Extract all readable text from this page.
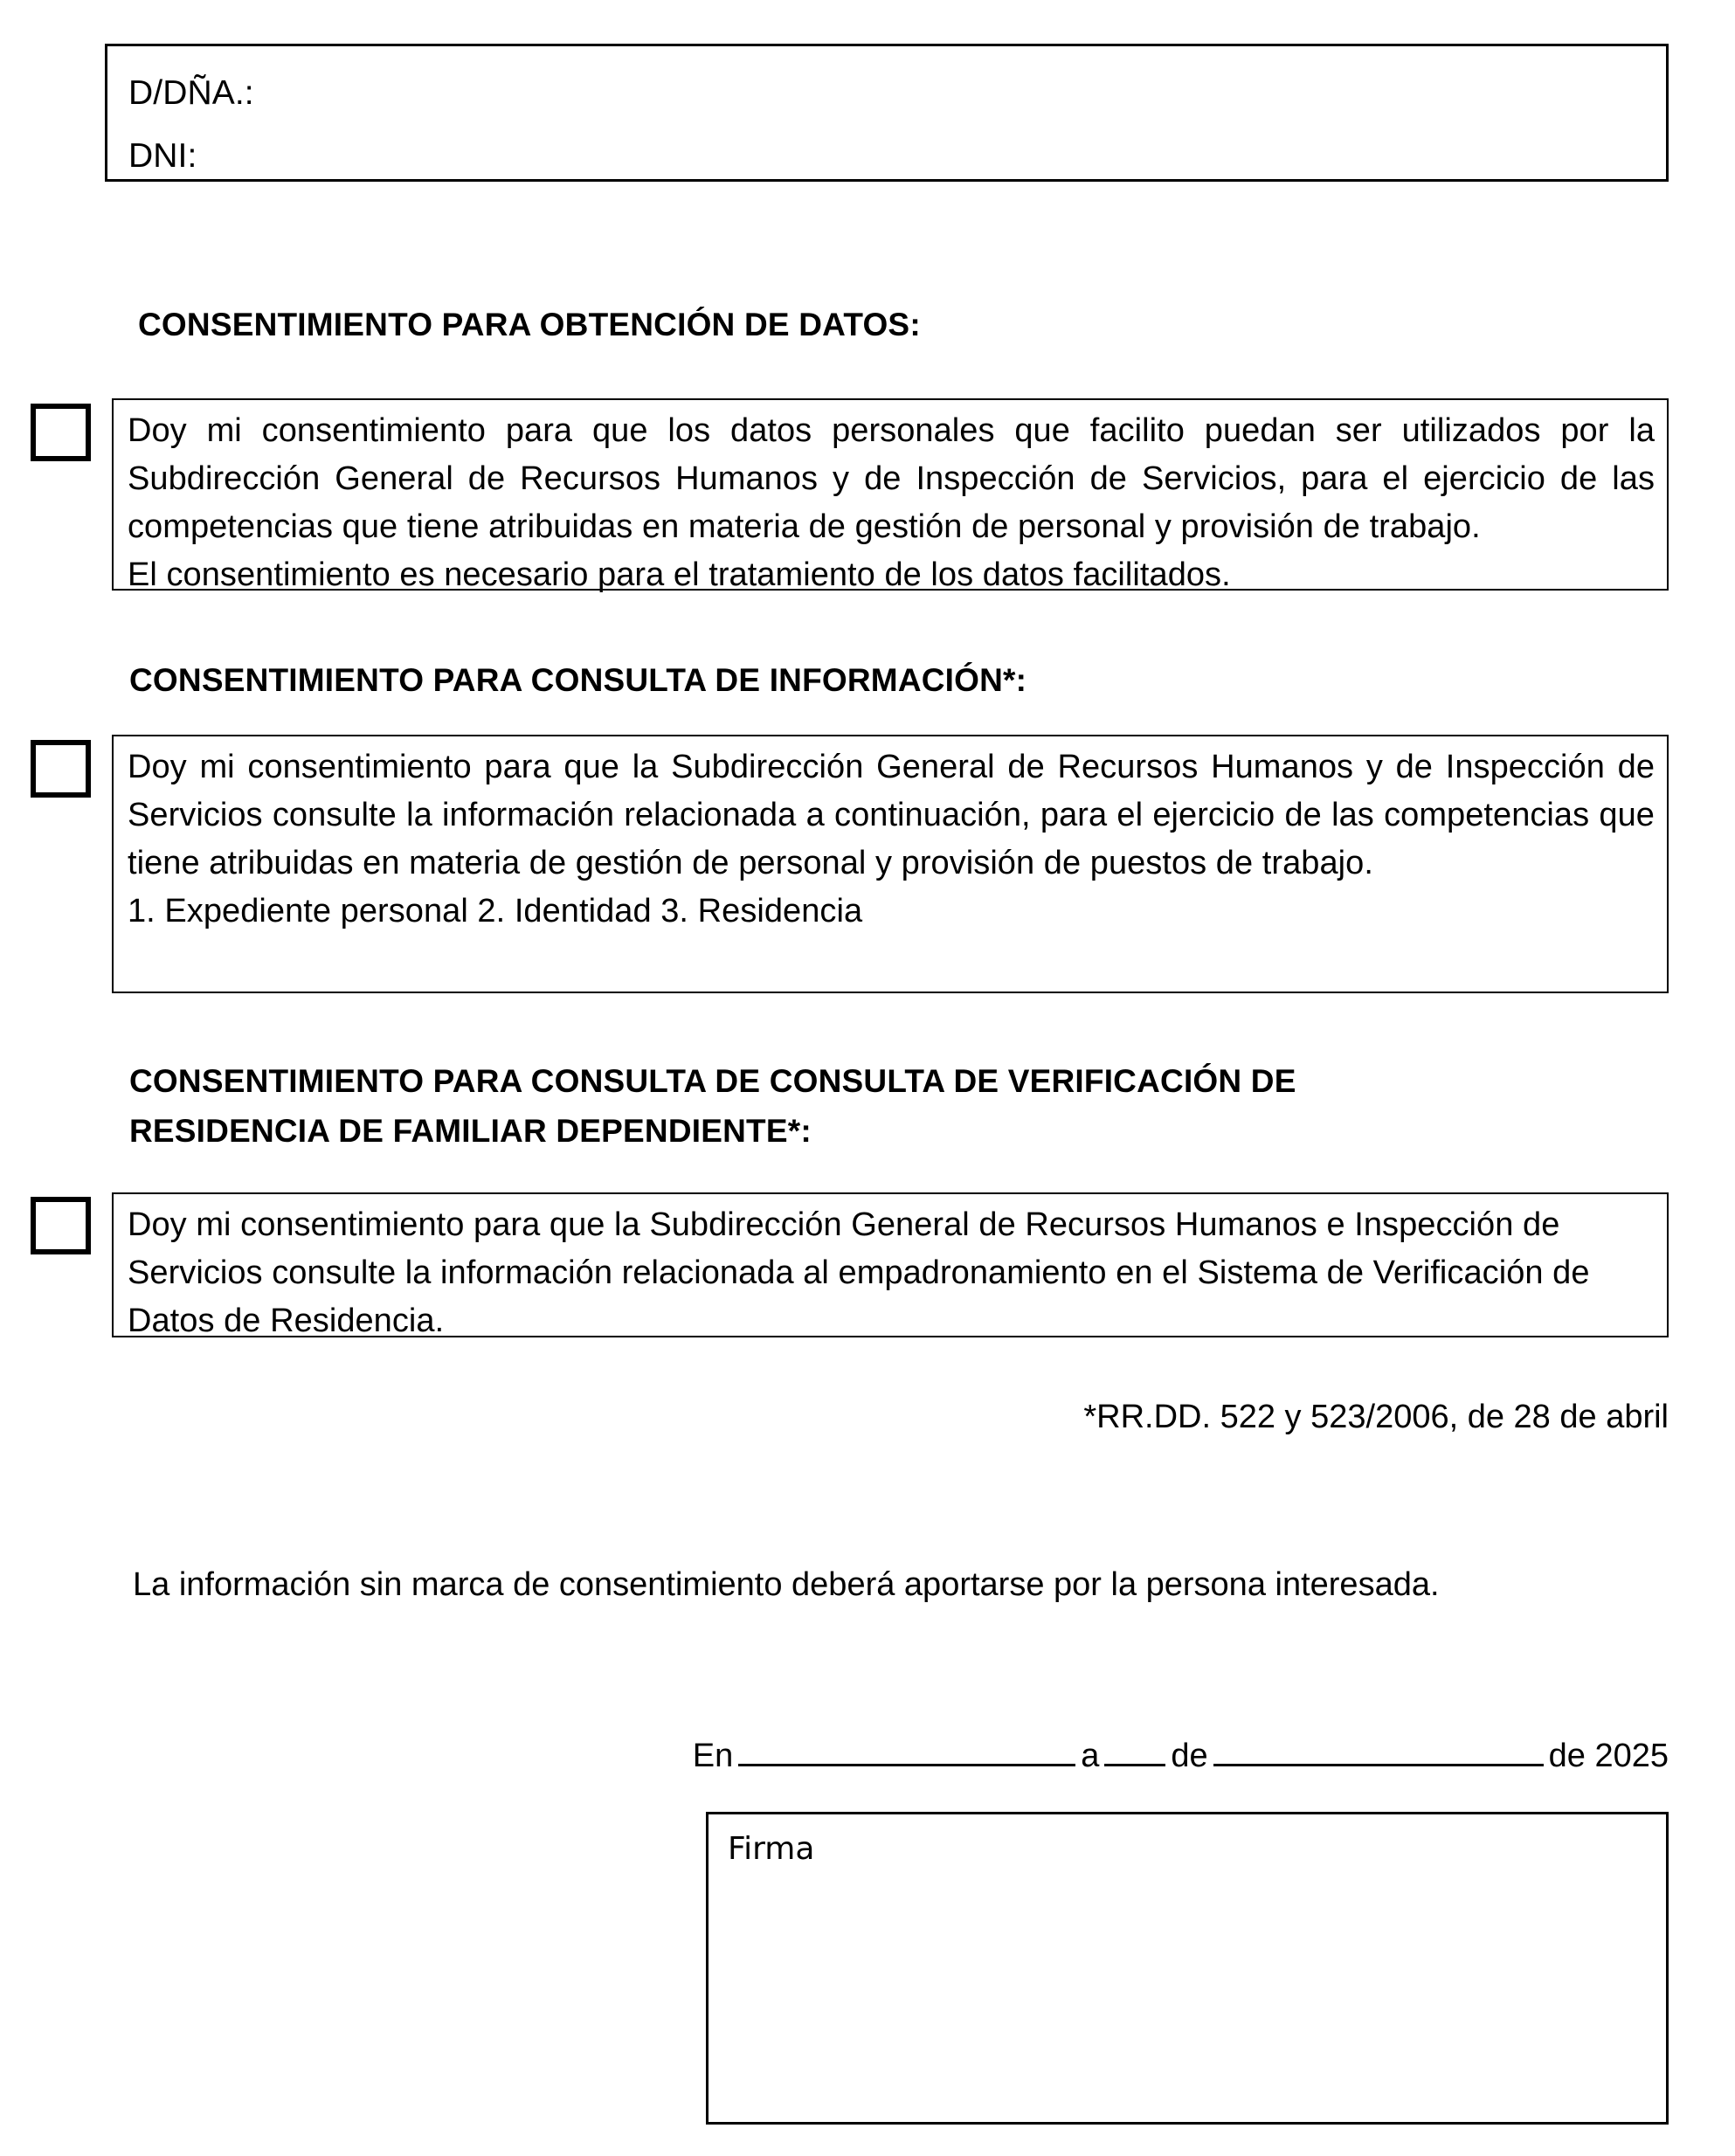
D/DÑA.:
DNI:
CONSENTIMIENTO PARA OBTENCIÓN DE DATOS:

Doy mi consentimiento para que los datos personales que facilito puedan ser utilizados por la Subdirección General de Recursos Humanos y de Inspección de Servicios, para el ejercicio de las competencias que tiene atribuidas en materia de gestión de personal y provisión de trabajo.

El consentimiento es necesario para el tratamiento de los datos facilitados.

CONSENTIMIENTO PARA CONSULTA DE INFORMACIÓN*:

Doy mi consentimiento para que la Subdirección General de Recursos Humanos y de Inspección de Servicios consulte la información relacionada a continuación, para el ejercicio de las competencias que tiene atribuidas en materia de gestión de personal y provisión de puestos de trabajo.

1. Expediente personal 2. Identidad 3. Residencia

CONSENTIMIENTO PARA CONSULTA DE CONSULTA DE VERIFICACIÓN DE RESIDENCIA DE FAMILIAR DEPENDIENTE*:

Doy mi consentimiento para que la Subdirección General de Recursos Humanos e Inspección de Servicios consulte la información relacionada al empadronamiento en el Sistema de Verificación de Datos de Residencia.

*RR.DD. 522 y 523/2006, de 28 de abril
La información sin marca de consentimiento deberá aportarse por la persona interesada.
En	a de	de 2025
Firma
